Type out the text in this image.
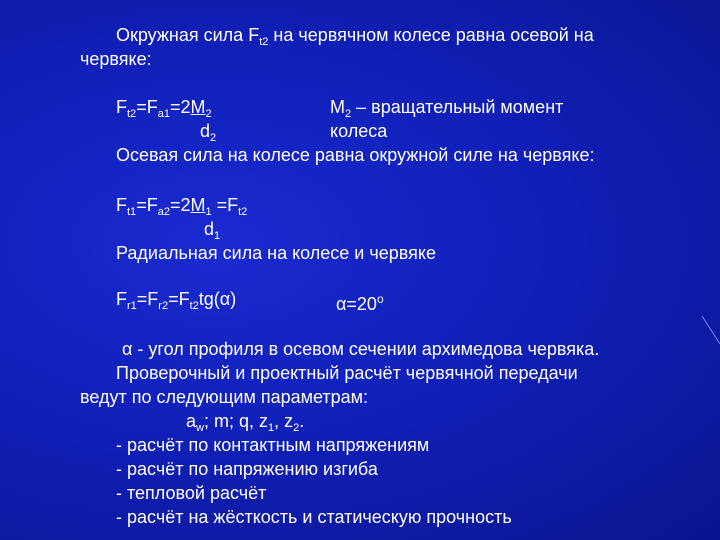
Окружная сила $F_{t2}$ на червячном колесе равна осевой на
червяке:
$F_{t2}=F_{a1}=2M_2$
$d_2$
$M_2$ – вращательный момент
колеса
Осевая сила на колесе равна окружной силе на червяке:
$F_{t1}=F_{a2}=2M_1 =F_{t2}$
$d_1$
Радиальная сила на колесе и червяке
$F_{r1}=F_{r2}=F_{t2}tg(\alpha)$	$\alpha=20^o$
α - угол профиля в осевом сечении архимедова червяка.
Проверочный и проектный расчёт червячной передачи
ведут по следующим параметрам:
$a_w$; m; q, $z_1$, $z_2$.
- расчёт по контактным напряжениям
- расчёт по напряжению изгиба
- тепловой расчёт
- расчёт на жёсткость и статическую прочность
